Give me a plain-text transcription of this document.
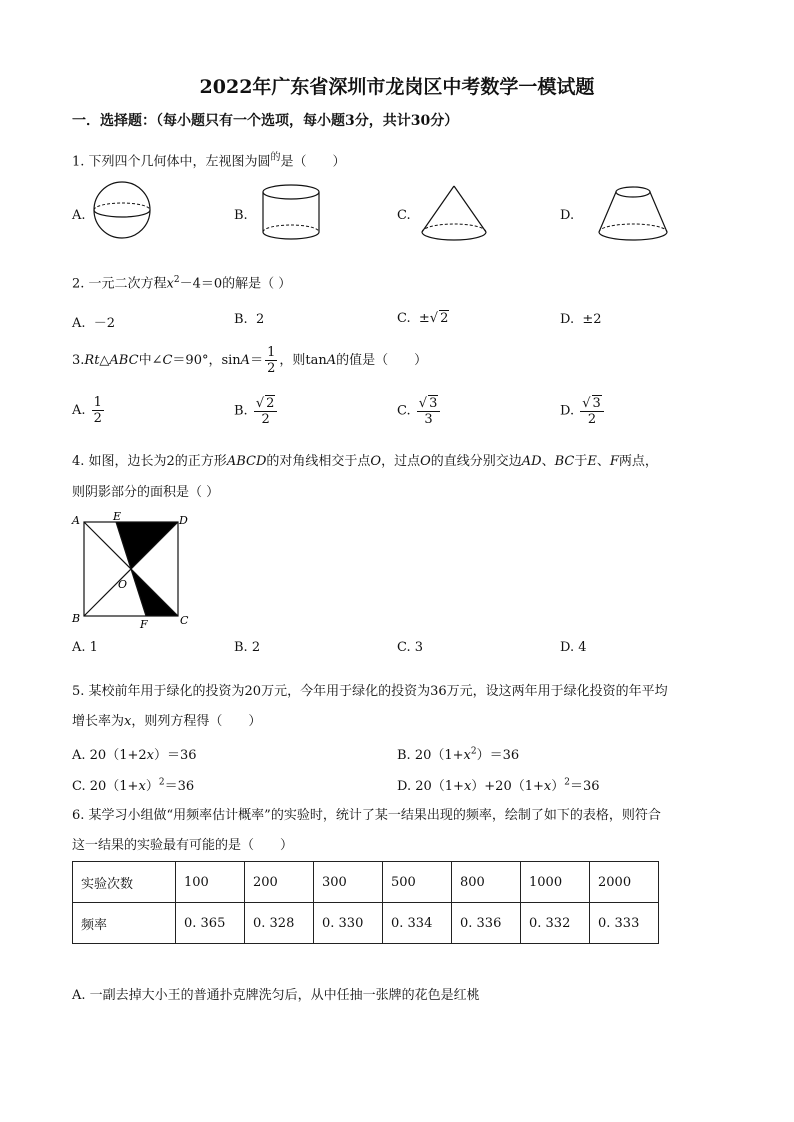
2022年广东省深圳市龙岗区中考数学一模试题
一．选择题：（每小题只有一个选项，每小题3分，共计30分）
1. 下列四个几何体中，左视图为圆$^的$是（　　）
A.	B.	C.	D.
2. 一元二次方程$x^2-4=0$的解是（ ）
A. －2	B. 2	C. ±√ 2	D. ±2
3.Rt△ABC中∠C＝90°，$\sin A= \frac{1}{2}$ ，则tanA的值是（　　）
A. $\frac{1}{2}$	B. $\frac{√ 2}{2}$	C. $\frac{√ 3}{3}$	D. $\frac{√ 3}{2}$
4. 如图，边长为2的正方形ABCD的对角线相交于点O，过点O的直线分别交边AD、BC于E、F两点，
则阴影部分的面积是（ ）
A	E	D
O
B	F	C
A. 1	B. 2	C. 3	D. 4
5. 某校前年用于绿化的投资为20万元，今年用于绿化的投资为36万元，设这两年用于绿化投资的年平均
增长率为x，则列方程得（　　）
A. 20（1+2x）＝36	B. $20(1+x^2)=36$
C. $20(1+x)^2=36$	D. $20(1+x)+20(1+x)^2=36$
6. 某学习小组做“用频率估计概率”的实验时，统计了某一结果出现的频率，绘制了如下的表格，则符合
这一结果的实验最有可能的是（　　）
实验次数	100	200	300	500	800	1000	2000
频率	0. 365	0. 328	0. 330	0. 334	0. 336	0. 332	0. 333
A. 一副去掉大小王的普通扑克牌洗匀后，从中任抽一张牌的花色是红桃
